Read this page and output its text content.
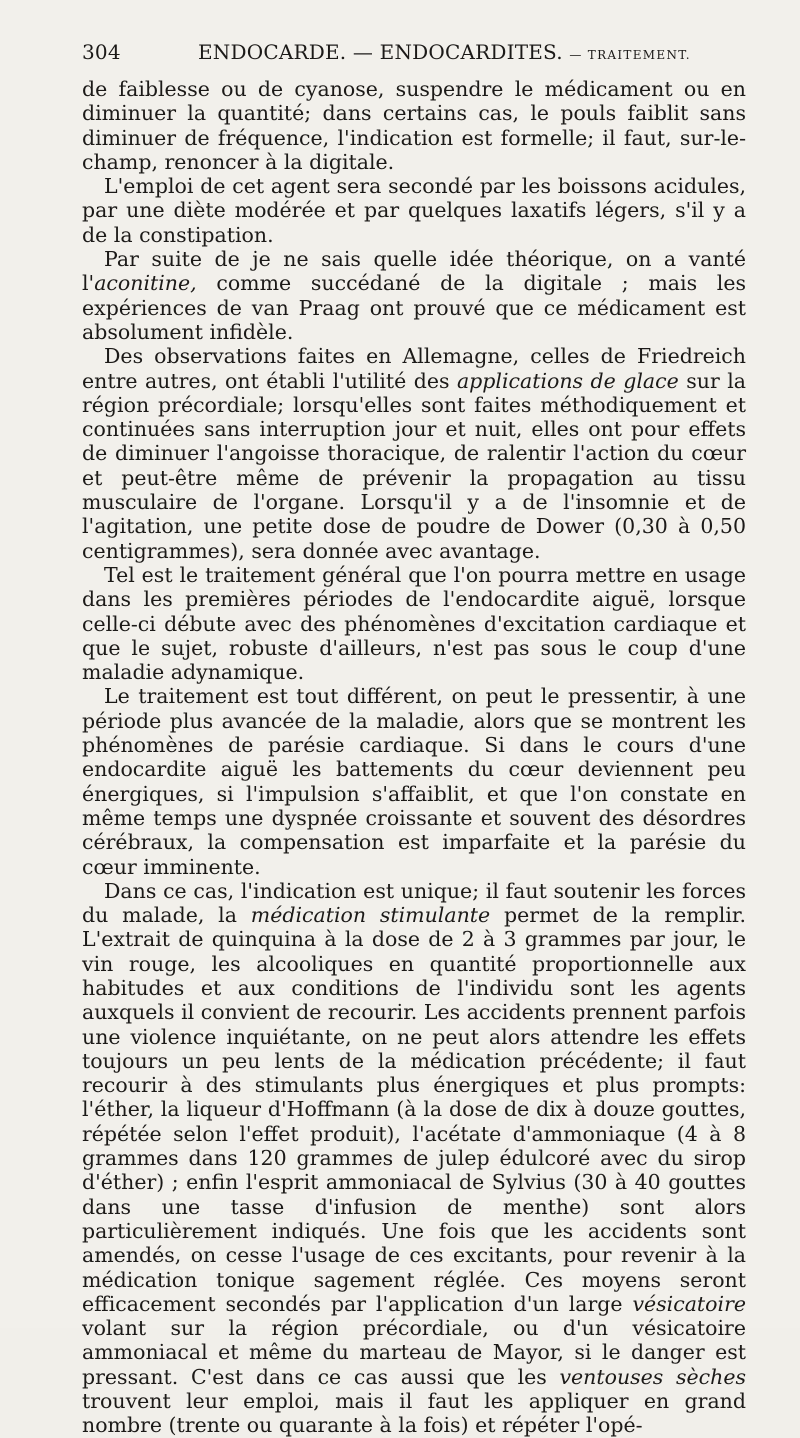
304	ENDOCARDE. — ENDOCARDITES. — TRAITEMENT.

de faiblesse ou de cyanose, suspendre le médicament ou en diminuer la quantité; dans certains cas, le pouls faiblit sans diminuer de fréquence, l'indication est formelle; il faut, sur-le-champ, renoncer à la digitale.

L'emploi de cet agent sera secondé par les boissons acidules, par une diète modérée et par quelques laxatifs légers, s'il y a de la constipation.

Par suite de je ne sais quelle idée théorique, on a vanté l'aconitine, comme succédané de la digitale ; mais les expériences de van Praag ont prouvé que ce médicament est absolument infidèle.

Des observations faites en Allemagne, celles de Friedreich entre autres, ont établi l'utilité des applications de glace sur la région précordiale; lorsqu'elles sont faites méthodiquement et continuées sans interruption jour et nuit, elles ont pour effets de diminuer l'angoisse thoracique, de ralentir l'action du cœur et peut-être même de prévenir la propagation au tissu musculaire de l'organe. Lorsqu'il y a de l'insomnie et de l'agitation, une petite dose de poudre de Dower (0,30 à 0,50 centigrammes), sera donnée avec avantage.

Tel est le traitement général que l'on pourra mettre en usage dans les premières périodes de l'endocardite aiguë, lorsque celle-ci débute avec des phénomènes d'excitation cardiaque et que le sujet, robuste d'ailleurs, n'est pas sous le coup d'une maladie adynamique.

Le traitement est tout différent, on peut le pressentir, à une période plus avancée de la maladie, alors que se montrent les phénomènes de parésie cardiaque. Si dans le cours d'une endocardite aiguë les battements du cœur deviennent peu énergiques, si l'impulsion s'affaiblit, et que l'on constate en même temps une dyspnée croissante et souvent des désordres cérébraux, la compensation est imparfaite et la parésie du cœur imminente.

Dans ce cas, l'indication est unique; il faut soutenir les forces du malade, la médication stimulante permet de la remplir. L'extrait de quinquina à la dose de 2 à 3 grammes par jour, le vin rouge, les alcooliques en quantité proportionnelle aux habitudes et aux conditions de l'individu sont les agents auxquels il convient de recourir. Les accidents prennent parfois une violence inquiétante, on ne peut alors attendre les effets toujours un peu lents de la médication précédente; il faut recourir à des stimulants plus énergiques et plus prompts: l'éther, la liqueur d'Hoffmann (à la dose de dix à douze gouttes, répétée selon l'effet produit), l'acétate d'ammoniaque (4 à 8 grammes dans 120 grammes de julep édulcoré avec du sirop d'éther) ; enfin l'esprit ammoniacal de Sylvius (30 à 40 gouttes dans une tasse d'infusion de menthe) sont alors particulièrement indiqués. Une fois que les accidents sont amendés, on cesse l'usage de ces excitants, pour revenir à la médication tonique sagement réglée. Ces moyens seront efficacement secondés par l'application d'un large vésicatoire volant sur la région précordiale, ou d'un vésicatoire ammoniacal et même du marteau de Mayor, si le danger est pressant. C'est dans ce cas aussi que les ventouses sèches trouvent leur emploi, mais il faut les appliquer en grand nombre (trente ou quarante à la fois) et répéter l'opé-
